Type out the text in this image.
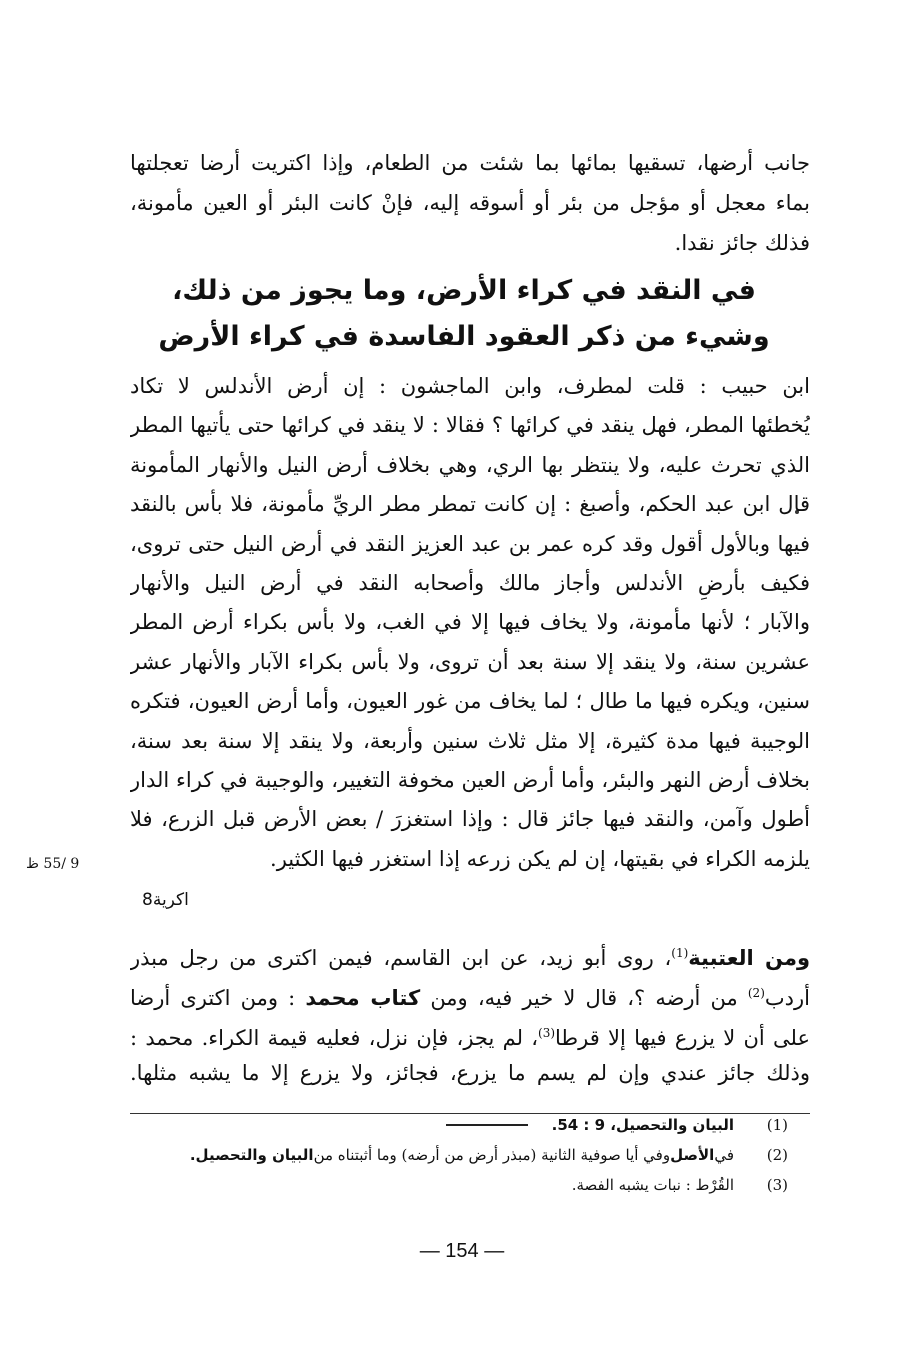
جانب أرضها، تسقيها بمائها بما شئت من الطعام، وإذا اكتريت أرضا تعجلتها
بماء معجل أو مؤجل من بئر أو أسوقه إليه، فإنْ كانت البئر أو العين مأمونة،
فذلك جائز نقدا.
في النقد في كراء الأرض، وما يجوز من ذلك،
وشيء من ذكر العقود الفاسدة في كراء الأرض
ابن حبيب : قلت لمطرف، وابن الماجشون : إن أرض الأندلس لا تكاد
يُخطئها المطر، فهل ينقد في كرائها ؟ فقالا : لا ينقد في كرائها حتى يأتيها المطر
الذي تحرث عليه، ولا ينتظر بها الري، وهي بخلاف أرض النيل والأنهار المأمونة
قال ابن عبد الحكم، وأصبغ : إن كانت تمطر مطر الريِّ مأمونة، فلا بأس بالنقد
فيها وبالأول أقول وقد كره عمر بن عبد العزيز النقد في أرض النيل حتى تروى،
فكيف بأرضِ الأندلس وأجاز مالك وأصحابه النقد في أرض النيل والأنهار
والآبار ؛ لأنها مأمونة، ولا يخاف فيها إلا في الغب، ولا بأس بكراء أرض المطر
عشرين سنة، ولا ينقد إلا سنة بعد أن تروى، ولا بأس بكراء الآبار والأنهار عشر
سنين، ويكره فيها ما طال ؛ لما يخاف من غور العيون، وأما أرض العيون، فتكره
الوجيبة فيها مدة كثيرة، إلا مثل ثلاث سنين وأربعة، ولا ينقد إلا سنة بعد سنة،
بخلاف أرض النهر والبئر، وأما أرض العين مخوفة التغيير، والوجيبة في كراء الدار
أطول وآمن، والنقد فيها جائز قال : وإذا استغزرَ / بعض الأرض قبل الزرع، فلا
يلزمه الكراء في بقيتها، إن لم يكن زرعه إذا استغزر فيها الكثير.
9 /55 ظ
اكرية8
ومن العتبية$^{(1)}$، روى أبو زيد، عن ابن القاسم، فيمن اكترى من رجل مبذر
أردب$^{(2)}$ من أرضه ؟، قال لا خير فيه، ومن كتاب محمد : ومن اكترى أرضا
على أن لا يزرع فيها إلا قرطا$^{(3)}$، لم يجز، فإن نزل، فعليه قيمة الكراء. محمد :
وذلك جائز عندي وإن لم يسم ما يزرع، فجائز، ولا يزرع إلا ما يشبه مثلها.
(1)
البيان والتحصيل، 9 : 54.
(2)
في
الأصل
وفي أيا صوفية الثانية (مبذر أرض من أرضه) وما أثبتناه من
البيان والتحصيل.
(3)
القُرْط : نبات يشبه الفصة.
— 154 —
